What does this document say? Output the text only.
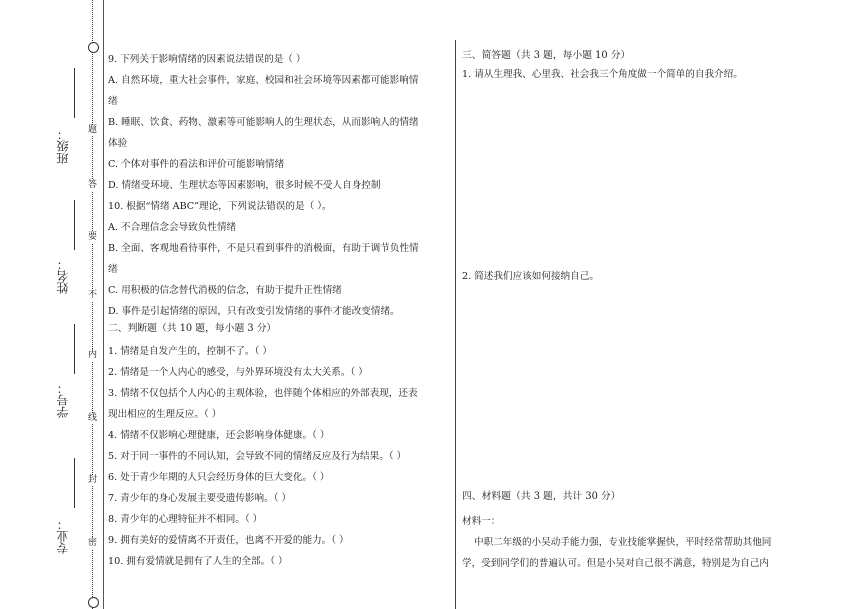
题
答
要
不
内
线
封
密
班级：
姓名：
学号：
专业：
9. 下列关于影响情绪的因素说法错误的是（ ）
A. 自然环境，重大社会事件，家庭、校园和社会环境等因素都可能影响情
绪
B. 睡眠、饮食、药物、激素等可能影响人的生理状态，从而影响人的情绪
体验
C. 个体对事件的看法和评价可能影响情绪
D. 情绪受环境、生理状态等因素影响，很多时候不受人自身控制
10. 根据“情绪 ABC”理论，下列说法错误的是（ ）。
A. 不合理信念会导致负性情绪
B. 全面、客观地看待事件，不是只看到事件的消极面，有助于调节负性情
绪
C. 用积极的信念替代消极的信念，有助于提升正性情绪
D. 事件是引起情绪的原因，只有改变引发情绪的事件才能改变情绪。
二、判断题（共 10 题，每小题 3 分）
1. 情绪是自发产生的，控制不了。（ ）
2. 情绪是一个人内心的感受，与外界环境没有太大关系。（ ）
3. 情绪不仅包括个人内心的主观体验，也伴随个体相应的外部表现，还表
现出相应的生理反应。（ ）
4. 情绪不仅影响心理健康，还会影响身体健康。（ ）
5. 对于同一事件的不同认知，会导致不同的情绪反应及行为结果。（ ）
6. 处于青少年期的人只会经历身体的巨大变化。（ ）
7. 青少年的身心发展主要受遗传影响。（ ）
8. 青少年的心理特征并不相同。（ ）
9. 拥有美好的爱情离不开责任，也离不开爱的能力。（ ）
10. 拥有爱情就是拥有了人生的全部。（ ）
三、简答题（共 3 题，每小题 10 分）
1. 请从生理我、心里我、社会我三个角度做一个简单的自我介绍。
2. 简述我们应该如何接纳自己。
四、材料题（共 3 题，共计 30 分）
材料一：
中职二年级的小吴动手能力强，专业技能掌握快，平时经常帮助其他同
学，受到同学们的普遍认可。但是小吴对自己很不满意，特别是为自己内
